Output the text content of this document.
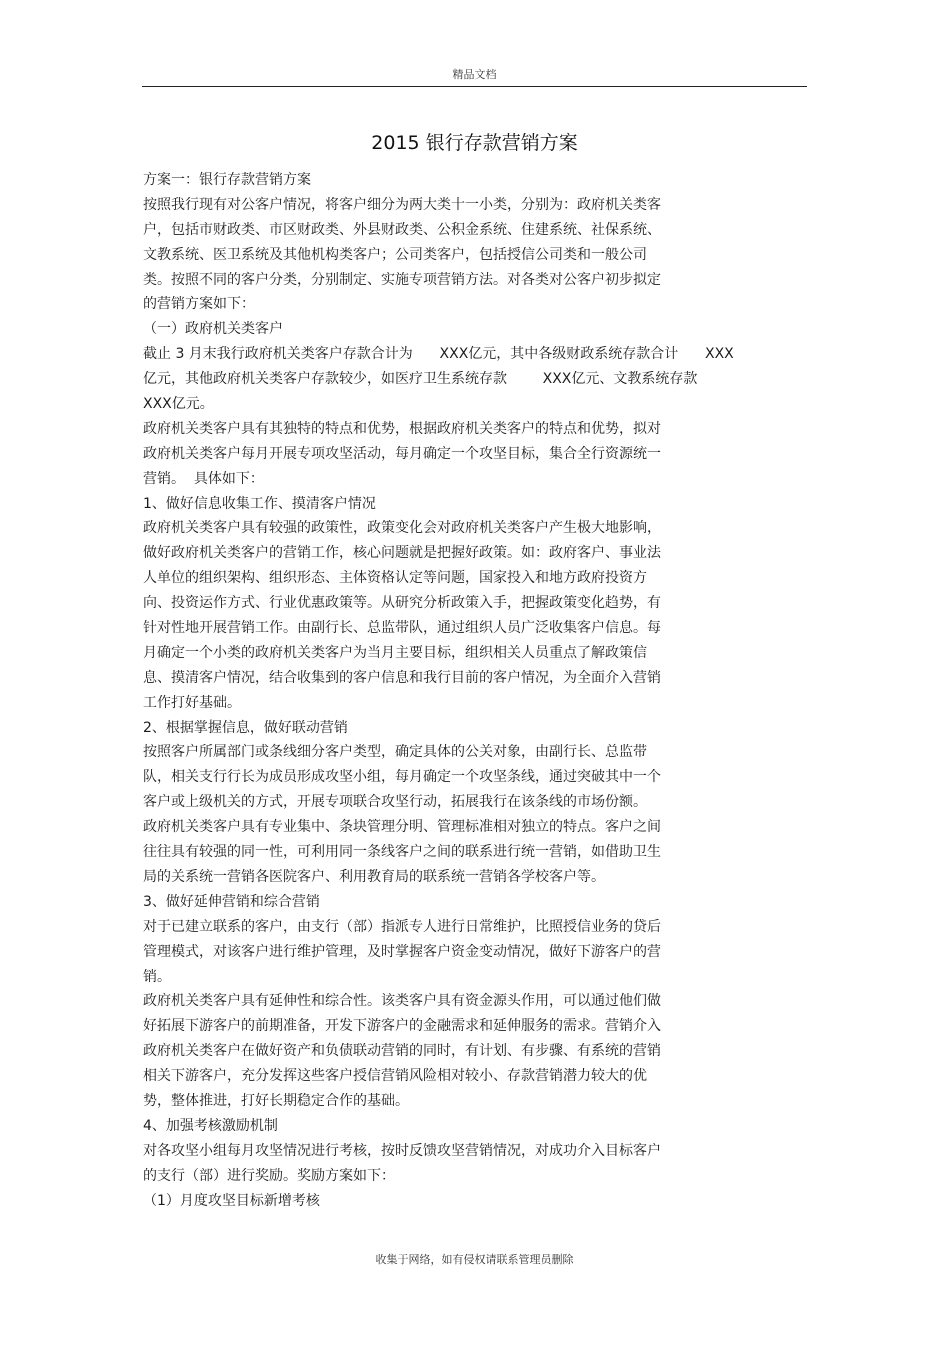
精品文档
2015 银行存款营销方案
方案一：银行存款营销方案
按照我行现有对公客户情况，将客户细分为两大类十一小类，分别为：政府机关类客
户，包括市财政类、市区财政类、外县财政类、公积金系统、住建系统、社保系统、
文教系统、医卫系统及其他机构类客户；公司类客户，包括授信公司类和一般公司
类。按照不同的客户分类，分别制定、实施专项营销方法。对各类对公客户初步拟定
的营销方案如下：
（一）政府机关类客户
截止 3 月末我行政府机关类客户存款合计为      XXX亿元，其中各级财政系统存款合计      XXX
亿元，其他政府机关类客户存款较少，如医疗卫生系统存款        XXX亿元、文教系统存款
XXX亿元。
政府机关类客户具有其独特的特点和优势，根据政府机关类客户的特点和优势，拟对
政府机关类客户每月开展专项攻坚活动，每月确定一个攻坚目标，集合全行资源统一
营销。  具体如下：
1、做好信息收集工作、摸清客户情况
政府机关类客户具有较强的政策性，政策变化会对政府机关类客户产生极大地影响，
做好政府机关类客户的营销工作，核心问题就是把握好政策。如：政府客户、事业法
人单位的组织架构、组织形态、主体资格认定等问题，国家投入和地方政府投资方
向、投资运作方式、行业优惠政策等。从研究分析政策入手，把握政策变化趋势，有
针对性地开展营销工作。由副行长、总监带队，通过组织人员广泛收集客户信息。每
月确定一个小类的政府机关类客户为当月主要目标，组织相关人员重点了解政策信
息、摸清客户情况，结合收集到的客户信息和我行目前的客户情况，为全面介入营销
工作打好基础。
2、根据掌握信息，做好联动营销
按照客户所属部门或条线细分客户类型，确定具体的公关对象，由副行长、总监带
队，相关支行行长为成员形成攻坚小组，每月确定一个攻坚条线，通过突破其中一个
客户或上级机关的方式，开展专项联合攻坚行动，拓展我行在该条线的市场份额。
政府机关类客户具有专业集中、条块管理分明、管理标准相对独立的特点。客户之间
往往具有较强的同一性，可利用同一条线客户之间的联系进行统一营销，如借助卫生
局的关系统一营销各医院客户、利用教育局的联系统一营销各学校客户等。
3、做好延伸营销和综合营销
对于已建立联系的客户，由支行（部）指派专人进行日常维护，比照授信业务的贷后
管理模式，对该客户进行维护管理，及时掌握客户资金变动情况，做好下游客户的营
销。
政府机关类客户具有延伸性和综合性。该类客户具有资金源头作用，可以通过他们做
好拓展下游客户的前期准备，开发下游客户的金融需求和延伸服务的需求。营销介入
政府机关类客户在做好资产和负债联动营销的同时，有计划、有步骤、有系统的营销
相关下游客户，充分发挥这些客户授信营销风险相对较小、存款营销潜力较大的优
势，整体推进，打好长期稳定合作的基础。
4、加强考核激励机制
对各攻坚小组每月攻坚情况进行考核，按时反馈攻坚营销情况，对成功介入目标客户
的支行（部）进行奖励。奖励方案如下：
（1）月度攻坚目标新增考核
收集于网络，如有侵权请联系管理员删除
